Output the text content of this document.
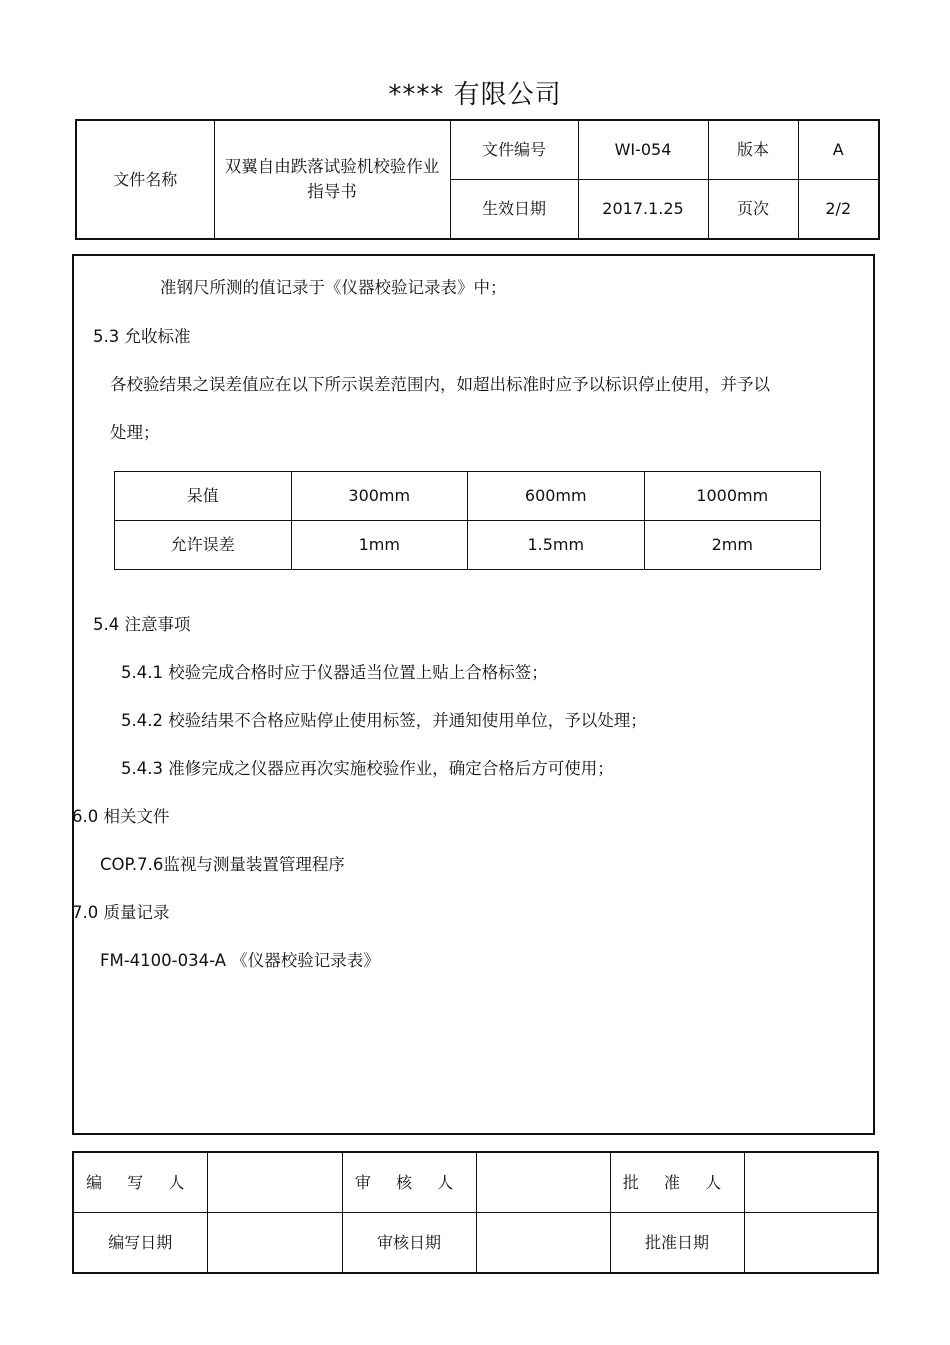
**** 有限公司
文件名称	双翼自由跌落试验机校验作业指导书	文件编号	WI-054	版本	A
		生效日期	2017.1.25	页次	2/2
准钢尺所测的值记录于《仪器校验记录表》中；
5.3 允收标准
各校验结果之误差值应在以下所示误差范围内，如超出标准时应予以标识停止使用，并予以
处理；
呆值	300mm	600mm	1000mm
允许误差	1mm	1.5mm	2mm
5.4 注意事项
5.4.1 校验完成合格时应于仪器适当位置上贴上合格标签；
5.4.2 校验结果不合格应贴停止使用标签，并通知使用单位，予以处理；
5.4.3 准修完成之仪器应再次实施校验作业，确定合格后方可使用；
6.0 相关文件
COP.7.6监视与测量装置管理程序
7.0 质量记录
FM-4100-034-A 《仪器校验记录表》
编 写 人		审 核 人		批 准 人	
编写日期		审核日期		批准日期	
